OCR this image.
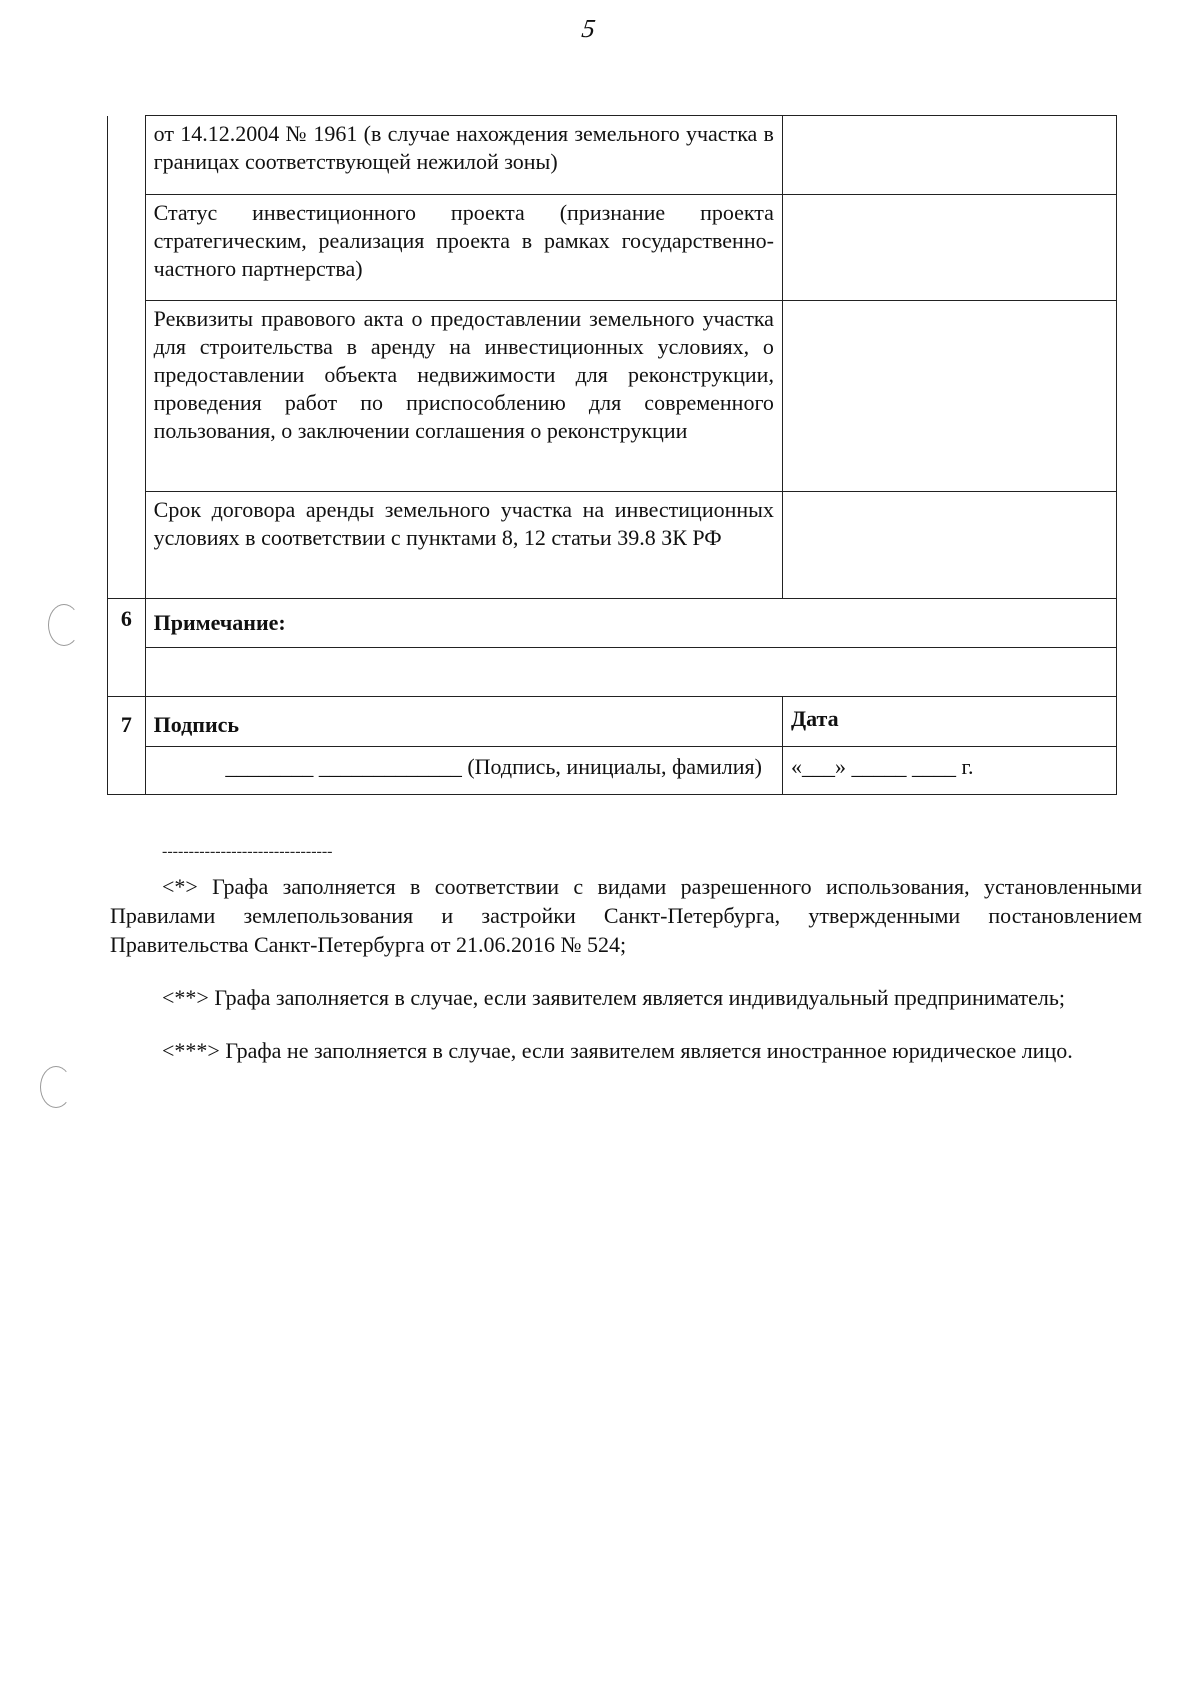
5
	от 14.12.2004 № 1961 (в случае нахождения земельного участка в границах соответствующей нежилой зоны)	
	Статус инвестиционного проекта (признание проекта стратегическим, реализация проекта в рамках государственно-частного партнерства)	
	Реквизиты правового акта о предоставлении земельного участка для строительства в аренду на инвестиционных условиях, о предоставлении объекта недвижимости для реконструкции, проведения работ по приспособлению для современного пользования, о заключении соглашения о реконструкции	
	Срок договора аренды земельного участка на инвестиционных условиях в соответствии с пунктами 8, 12 статьи 39.8 ЗК РФ	
6	Примечание:	

7	Подпись	Дата
	________ _____________ (Подпись, инициалы, фамилия)	«___» _____ ____ г.
--------------------------------

<*> Графа заполняется в соответствии с видами разрешенного использования, установленными Правилами землепользования и застройки Санкт-Петербурга, утвержденными постановлением Правительства Санкт-Петербурга от 21.06.2016 № 524;

<**> Графа заполняется в случае, если заявителем является индивидуальный предприниматель;

<***> Графа не заполняется в случае, если заявителем является иностранное юридическое лицо.
